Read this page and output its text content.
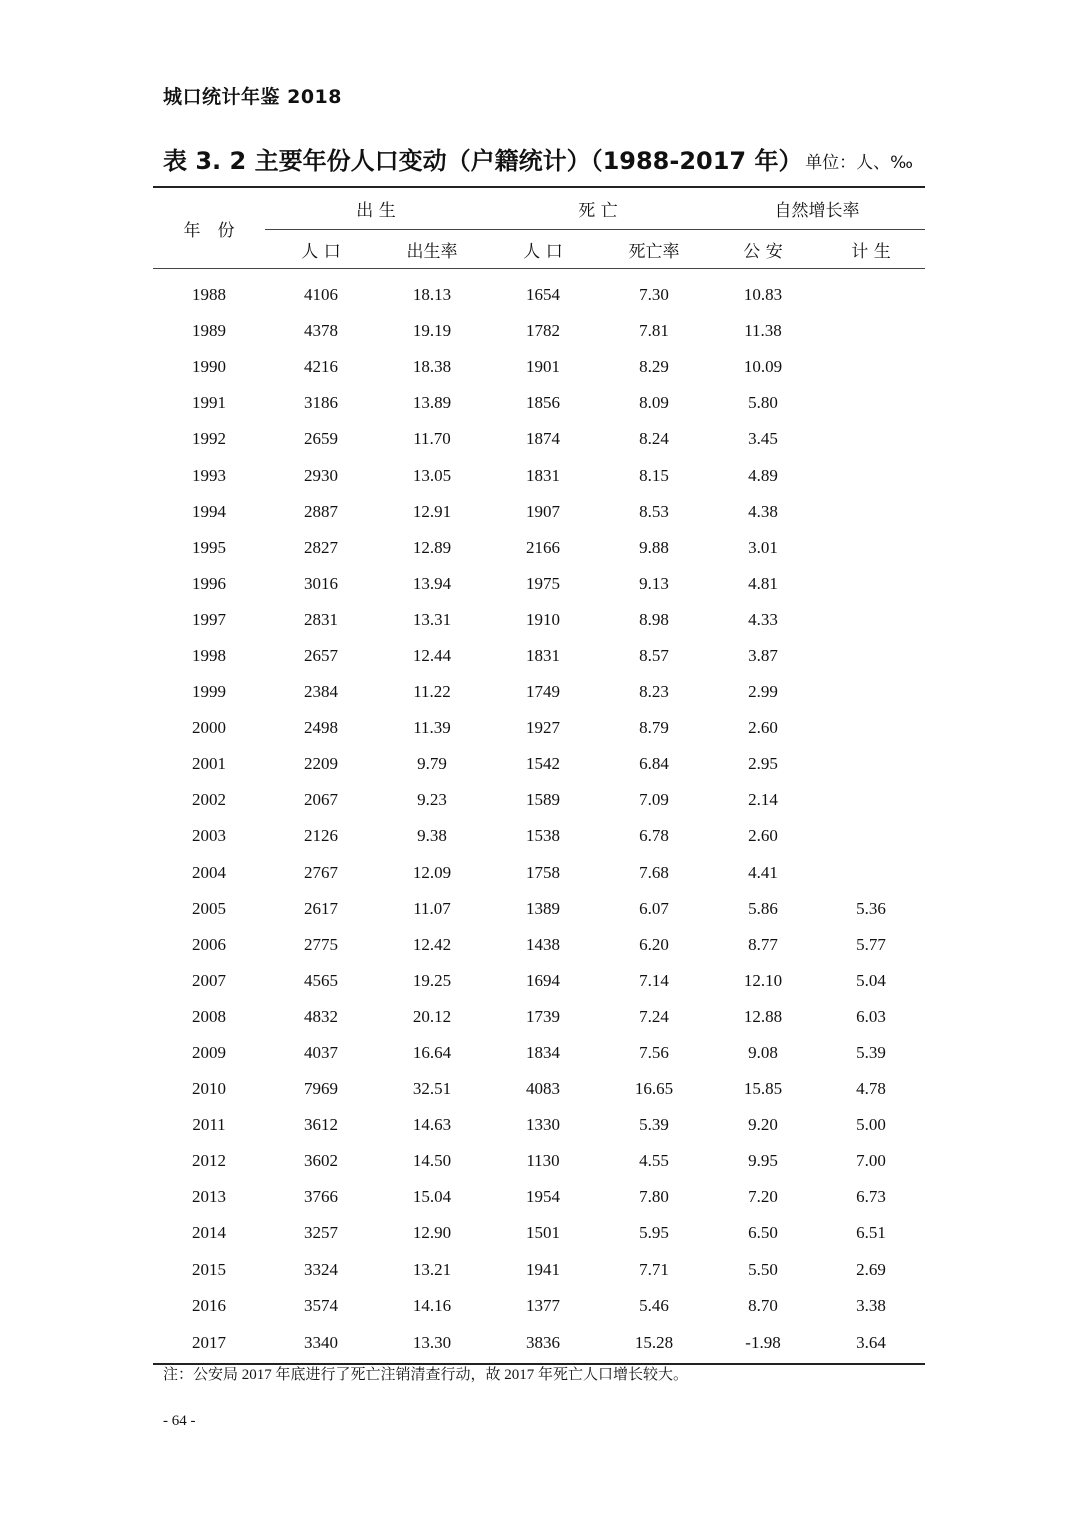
城口统计年鉴 2018
表 3. 2 主要年份人口变动（户籍统计）（1988-2017 年） 单位：人、‰
年　份	出 生		死 亡		自然增长率	
	人 口	出生率	人 口	死亡率	公 安	计 生
1988	4106	18.13	1654	7.30	10.83	
1989	4378	19.19	1782	7.81	11.38	
1990	4216	18.38	1901	8.29	10.09	
1991	3186	13.89	1856	8.09	5.80	
1992	2659	11.70	1874	8.24	3.45	
1993	2930	13.05	1831	8.15	4.89	
1994	2887	12.91	1907	8.53	4.38	
1995	2827	12.89	2166	9.88	3.01	
1996	3016	13.94	1975	9.13	4.81	
1997	2831	13.31	1910	8.98	4.33	
1998	2657	12.44	1831	8.57	3.87	
1999	2384	11.22	1749	8.23	2.99	
2000	2498	11.39	1927	8.79	2.60	
2001	2209	9.79	1542	6.84	2.95	
2002	2067	9.23	1589	7.09	2.14	
2003	2126	9.38	1538	6.78	2.60	
2004	2767	12.09	1758	7.68	4.41	
2005	2617	11.07	1389	6.07	5.86	5.36
2006	2775	12.42	1438	6.20	8.77	5.77
2007	4565	19.25	1694	7.14	12.10	5.04
2008	4832	20.12	1739	7.24	12.88	6.03
2009	4037	16.64	1834	7.56	9.08	5.39
2010	7969	32.51	4083	16.65	15.85	4.78
2011	3612	14.63	1330	5.39	9.20	5.00
2012	3602	14.50	1130	4.55	9.95	7.00
2013	3766	15.04	1954	7.80	7.20	6.73
2014	3257	12.90	1501	5.95	6.50	6.51
2015	3324	13.21	1941	7.71	5.50	2.69
2016	3574	14.16	1377	5.46	8.70	3.38
2017	3340	13.30	3836	15.28	-1.98	3.64
注：公安局 2017 年底进行了死亡注销清查行动，故 2017 年死亡人口增长较大。
- 64 -
